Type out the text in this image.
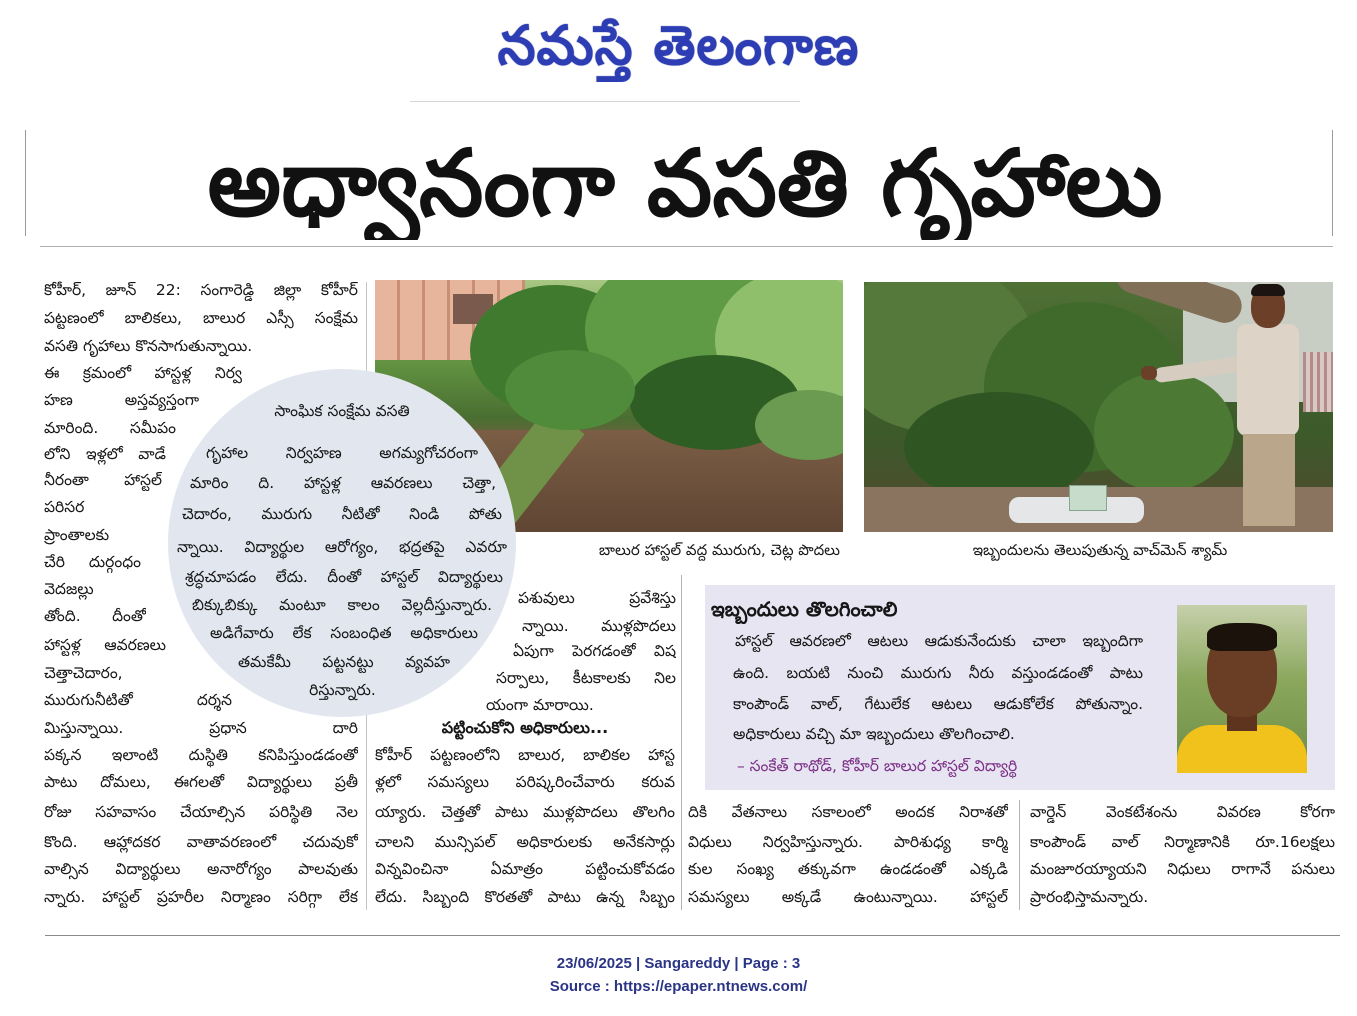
నమస్తే తెలంగాణ
అధ్వానంగా వసతి గృహాలు
బాలుర హాస్టల్ వద్ద మురుగు, చెట్ల పొదలు	ఇబ్బందులను తెలుపుతున్న వాచ్‌మెన్ శ్యామ్
కోహీర్, జూన్ 22: సంగారెడ్డి జిల్లా కోహీర్
పట్టణంలో బాలికలు, బాలుర ఎస్సీ సంక్షేమ
వసతి గృహాలు కొనసాగుతున్నాయి.
ఈ క్రమంలో హాస్టళ్ల నిర్వ
హణ అస్తవ్యస్తంగా
మారింది. సమీపం
లోని ఇళ్లలో వాడే
నీరంతా హాస్టల్
పరిసర
ప్రాంతాలకు
చేరి దుర్గంధం
వెదజల్లు
తోంది. దీంతో
హాస్టళ్ల ఆవరణలు
చెత్తాచెదారం,
మురుగునీటితో దర్శన
మిస్తున్నాయి. ప్రధాన దారి
పక్కన ఇలాంటి దుస్థితి కనిపిస్తుండడంతో
పాటు దోమలు, ఈగలతో విద్యార్థులు ప్రతీ
రోజు సహవాసం చేయాల్సిన పరిస్థితి నెల
కొంది. ఆహ్లాదకర వాతావరణంలో చదువుకో
వాల్సిన విద్యార్థులు అనారోగ్యం పాలవుతు
న్నారు. హాస్టల్ ప్రహరీల నిర్మాణం సరిగ్గా లేక
సాంఘిక సంక్షేమ వసతి
గృహాల నిర్వహణ అగమ్యగోచరంగా
మారిం ది. హాస్టళ్ల ఆవరణలు చెత్తా,
చెదారం, మురుగు నీటితో నిండి పోతు
న్నాయి. విద్యార్థుల ఆరోగ్యం, భద్రతపై ఎవరూ
శ్రద్ధచూపడం లేదు. దీంతో హాస్టల్ విద్యార్థులు
బిక్కుబిక్కు మంటూ కాలం వెల్లదీస్తున్నారు.
అడిగేవారు లేక సంబంధిత అధికారులు
తమకేమీ పట్టనట్టు వ్యవహ
రిస్తున్నారు.
పశువులు ప్రవేశిస్తు
న్నాయి. ముళ్లపొదలు
ఏపుగా పెరగడంతో విష
సర్పాలు, కీటకాలకు నిల
యంగా మారాయి.
పట్టించుకోని అధికారులు...
కోహీర్ పట్టణంలోని బాలుర, బాలికల హాస్ట
ళ్లలో సమస్యలు పరిష్కరించేవారు కరువ
య్యారు. చెత్తతో పాటు ముళ్లపొదలు తొలగిం
చాలని మున్సిపల్ అధికారులకు అనేకసార్లు
విన్నవించినా ఏమాత్రం పట్టించుకోవడం
లేదు. సిబ్బంది కొరతతో పాటు ఉన్న సిబ్బం
ఇబ్బందులు తొలగించాలి
హాస్టల్ ఆవరణలో ఆటలు ఆడుకునేందుకు చాలా ఇబ్బందిగా
ఉంది. బయటి నుంచి మురుగు నీరు వస్తుండడంతో పాటు
కాంపౌండ్ వాల్, గేటులేక ఆటలు ఆడుకోలేక పోతున్నాం.
అధికారులు వచ్చి మా ఇబ్బందులు తొలగించాలి.
– సంకేత్ రాథోడ్, కోహీర్ బాలుర హాస్టల్ విద్యార్థి
దికి వేతనాలు సకాలంలో అందక నిరాశతో
విధులు నిర్వహిస్తున్నారు. పారిశుధ్య కార్మి
కుల సంఖ్య తక్కువగా ఉండడంతో ఎక్కడి
సమస్యలు అక్కడే ఉంటున్నాయి. హాస్టల్
వార్డెన్ వెంకటేశంను వివరణ కోరగా
కాంపౌండ్ వాల్ నిర్మాణానికి రూ.16లక్షలు
మంజూరయ్యాయని నిధులు రాగానే పనులు
ప్రారంభిస్తామన్నారు.
23/06/2025 | Sangareddy | Page : 3
Source : https://epaper.ntnews.com/
